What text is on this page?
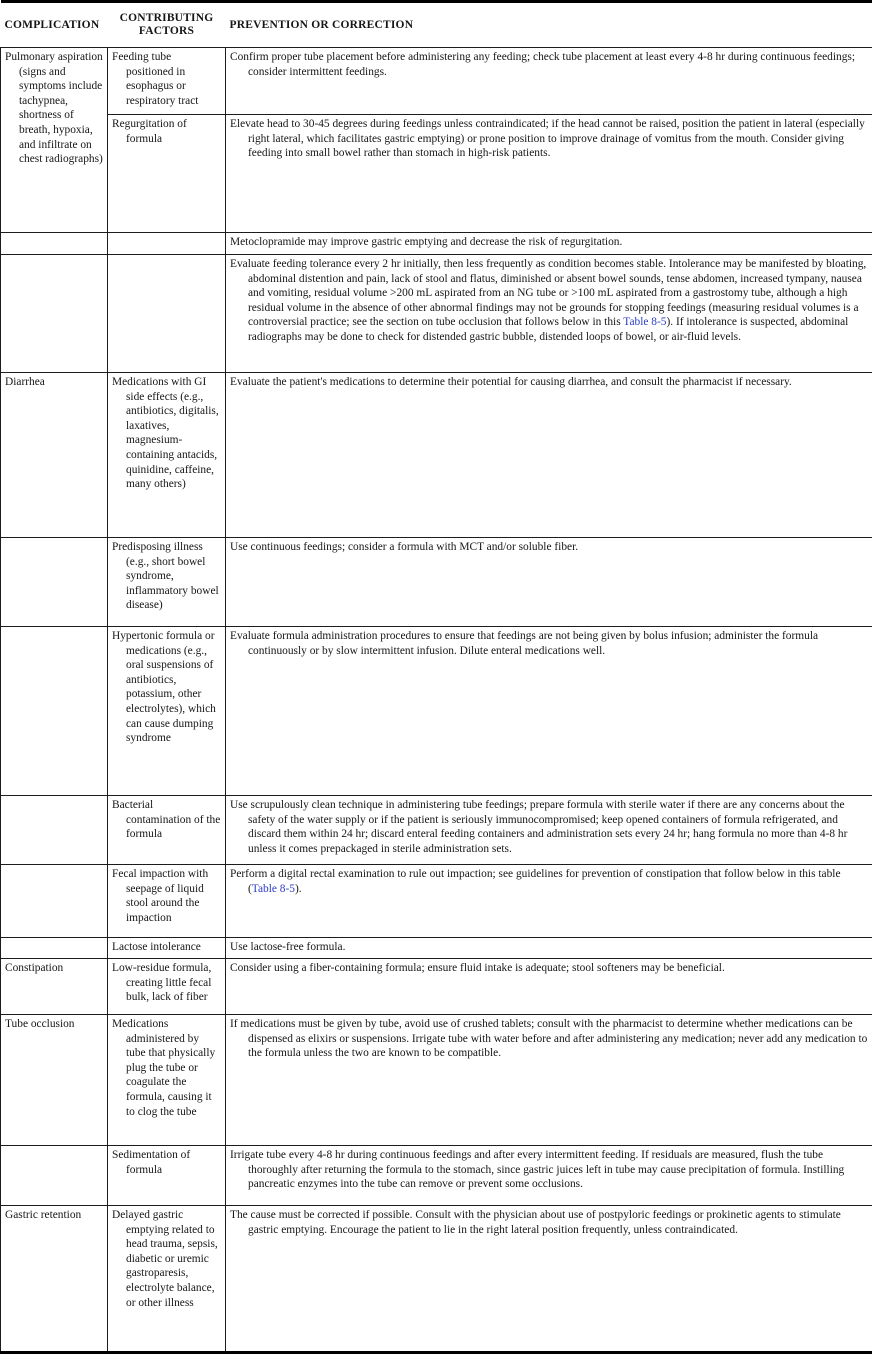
COMPLICATION	CONTRIBUTING FACTORS	PREVENTION OR CORRECTION

Pulmonary aspiration (signs and symptoms include tachypnea, shortness of breath, hypoxia, and infiltrate on chest radiographs)	Feeding tube positioned in esophagus or respiratory tract	Confirm proper tube placement before administering any feeding; check tube placement at least every 4-8 hr during continuous feedings; consider intermittent feedings.

	Regurgitation of formula	Elevate head to 30-45 degrees during feedings unless contraindicated; if the head cannot be raised, position the patient in lateral (especially right lateral, which facilitates gastric emptying) or prone position to improve drainage of vomitus from the mouth. Consider giving feeding into small bowel rather than stomach in high-risk patients.

		Metoclopramide may improve gastric emptying and decrease the risk of regurgitation.

		Evaluate feeding tolerance every 2 hr initially, then less frequently as condition becomes stable. Intolerance may be manifested by bloating, abdominal distention and pain, lack of stool and flatus, diminished or absent bowel sounds, tense abdomen, increased tympany, nausea and vomiting, residual volume >200 mL aspirated from an NG tube or >100 mL aspirated from a gastrostomy tube, although a high residual volume in the absence of other abnormal findings may not be grounds for stopping feedings (measuring residual volumes is a controversial practice; see the section on tube occlusion that follows below in this Table 8-5). If intolerance is suspected, abdominal radiographs may be done to check for distended gastric bubble, distended loops of bowel, or air-fluid levels.

Diarrhea	Medications with GI side effects (e.g., antibiotics, digitalis, laxatives, magnesium-containing antacids, quinidine, caffeine, many others)	Evaluate the patient's medications to determine their potential for causing diarrhea, and consult the pharmacist if necessary.

	Predisposing illness (e.g., short bowel syndrome, inflammatory bowel disease)	Use continuous feedings; consider a formula with MCT and/or soluble fiber.

	Hypertonic formula or medications (e.g., oral suspensions of antibiotics, potassium, other electrolytes), which can cause dumping syndrome	Evaluate formula administration procedures to ensure that feedings are not being given by bolus infusion; administer the formula continuously or by slow intermittent infusion. Dilute enteral medications well.

	Bacterial contamination of the formula	Use scrupulously clean technique in administering tube feedings; prepare formula with sterile water if there are any concerns about the safety of the water supply or if the patient is seriously immunocompromised; keep opened containers of formula refrigerated, and discard them within 24 hr; discard enteral feeding containers and administration sets every 24 hr; hang formula no more than 4-8 hr unless it comes prepackaged in sterile administration sets.

	Fecal impaction with seepage of liquid stool around the impaction	Perform a digital rectal examination to rule out impaction; see guidelines for prevention of constipation that follow below in this table (Table 8-5).

	Lactose intolerance	Use lactose-free formula.

Constipation	Low-residue formula, creating little fecal bulk, lack of fiber	Consider using a fiber-containing formula; ensure fluid intake is adequate; stool softeners may be beneficial.

Tube occlusion	Medications administered by tube that physically plug the tube or coagulate the formula, causing it to clog the tube	If medications must be given by tube, avoid use of crushed tablets; consult with the pharmacist to determine whether medications can be dispensed as elixirs or suspensions. Irrigate tube with water before and after administering any medication; never add any medication to the formula unless the two are known to be compatible.

	Sedimentation of formula	Irrigate tube every 4-8 hr during continuous feedings and after every intermittent feeding. If residuals are measured, flush the tube thoroughly after returning the formula to the stomach, since gastric juices left in tube may cause precipitation of formula. Instilling pancreatic enzymes into the tube can remove or prevent some occlusions.

Gastric retention	Delayed gastric emptying related to head trauma, sepsis, diabetic or uremic gastroparesis, electrolyte balance, or other illness	The cause must be corrected if possible. Consult with the physician about use of postpyloric feedings or prokinetic agents to stimulate gastric emptying. Encourage the patient to lie in the right lateral position frequently, unless contraindicated.
